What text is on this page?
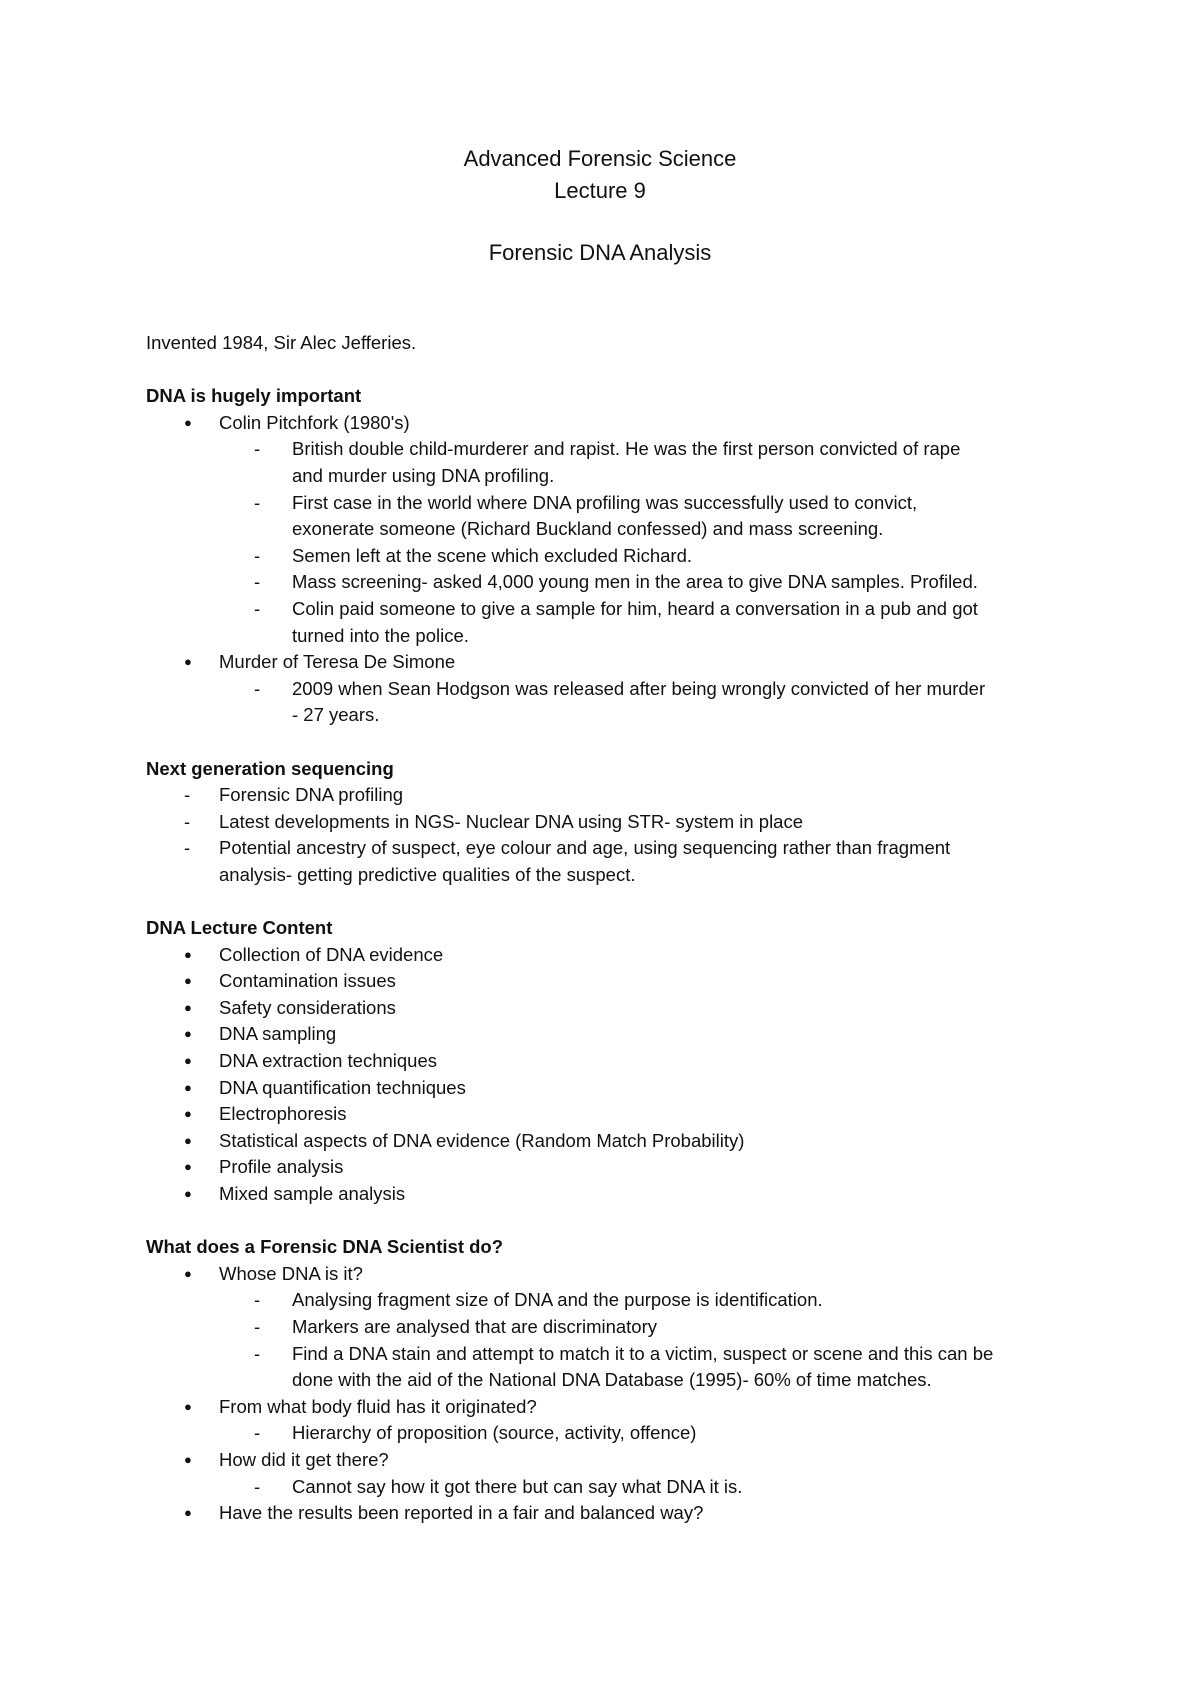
Advanced Forensic Science
Lecture 9
Forensic DNA Analysis
Invented 1984, Sir Alec Jefferies.
DNA is hugely important
● Colin Pitchfork (1980's)
- British double child-murderer and rapist. He was the first person convicted of rape
and murder using DNA profiling.
- First case in the world where DNA profiling was successfully used to convict,
exonerate someone (Richard Buckland confessed) and mass screening.
- Semen left at the scene which excluded Richard.
- Mass screening- asked 4,000 young men in the area to give DNA samples. Profiled.
- Colin paid someone to give a sample for him, heard a conversation in a pub and got
turned into the police.
● Murder of Teresa De Simone
- 2009 when Sean Hodgson was released after being wrongly convicted of her murder
- 27 years.
Next generation sequencing
- Forensic DNA profiling
- Latest developments in NGS- Nuclear DNA using STR- system in place
- Potential ancestry of suspect, eye colour and age, using sequencing rather than fragment
analysis- getting predictive qualities of the suspect.
DNA Lecture Content
● Collection of DNA evidence
● Contamination issues
● Safety considerations
● DNA sampling
● DNA extraction techniques
● DNA quantification techniques
● Electrophoresis
● Statistical aspects of DNA evidence (Random Match Probability)
● Profile analysis
● Mixed sample analysis
What does a Forensic DNA Scientist do?
● Whose DNA is it?
- Analysing fragment size of DNA and the purpose is identification.
- Markers are analysed that are discriminatory
- Find a DNA stain and attempt to match it to a victim, suspect or scene and this can be
done with the aid of the National DNA Database (1995)- 60% of time matches.
● From what body fluid has it originated?
- Hierarchy of proposition (source, activity, offence)
● How did it get there?
- Cannot say how it got there but can say what DNA it is.
● Have the results been reported in a fair and balanced way?
